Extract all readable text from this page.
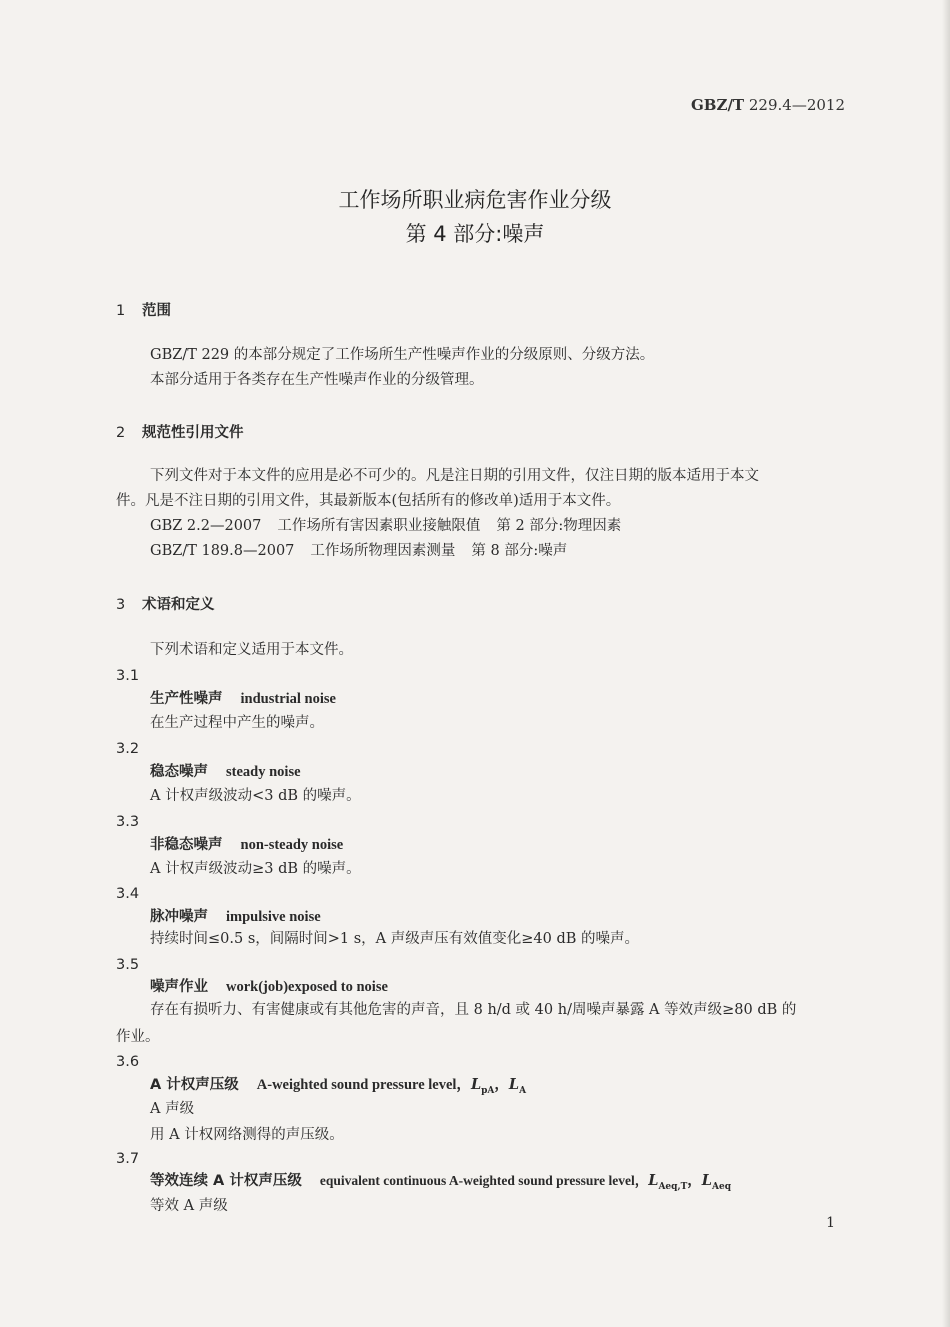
GBZ/T 229.4—2012
工作场所职业病危害作业分级
第 4 部分:噪声
1 范围
GBZ/T 229 的本部分规定了工作场所生产性噪声作业的分级原则、分级方法。
本部分适用于各类存在生产性噪声作业的分级管理。
2 规范性引用文件
下列文件对于本文件的应用是必不可少的。凡是注日期的引用文件，仅注日期的版本适用于本文
件。凡是不注日期的引用文件，其最新版本(包括所有的修改单)适用于本文件。
GBZ 2.2—2007 工作场所有害因素职业接触限值 第 2 部分:物理因素
GBZ/T 189.8—2007 工作场所物理因素测量 第 8 部分:噪声
3 术语和定义
下列术语和定义适用于本文件。
3.1
生产性噪声 industrial noise
在生产过程中产生的噪声。
3.2
稳态噪声 steady noise
A 计权声级波动<3 dB 的噪声。
3.3
非稳态噪声 non-steady noise
A 计权声级波动≥3 dB 的噪声。
3.4
脉冲噪声 impulsive noise
持续时间≤0.5 s，间隔时间>1 s，A 声级声压有效值变化≥40 dB 的噪声。
3.5
噪声作业 work(job)exposed to noise
存在有损听力、有害健康或有其他危害的声音，且 8 h/d 或 40 h/周噪声暴露 A 等效声级≥80 dB 的
作业。
3.6
A 计权声压级 A-weighted sound pressure level，$L_{pA}$，$L_A$
A 声级
用 A 计权网络测得的声压级。
3.7
等效连续 A 计权声压级 equivalent continuous A-weighted sound pressure level，$L_{Aeq,T}$，$L_{Aeq}$
等效 A 声级
1
